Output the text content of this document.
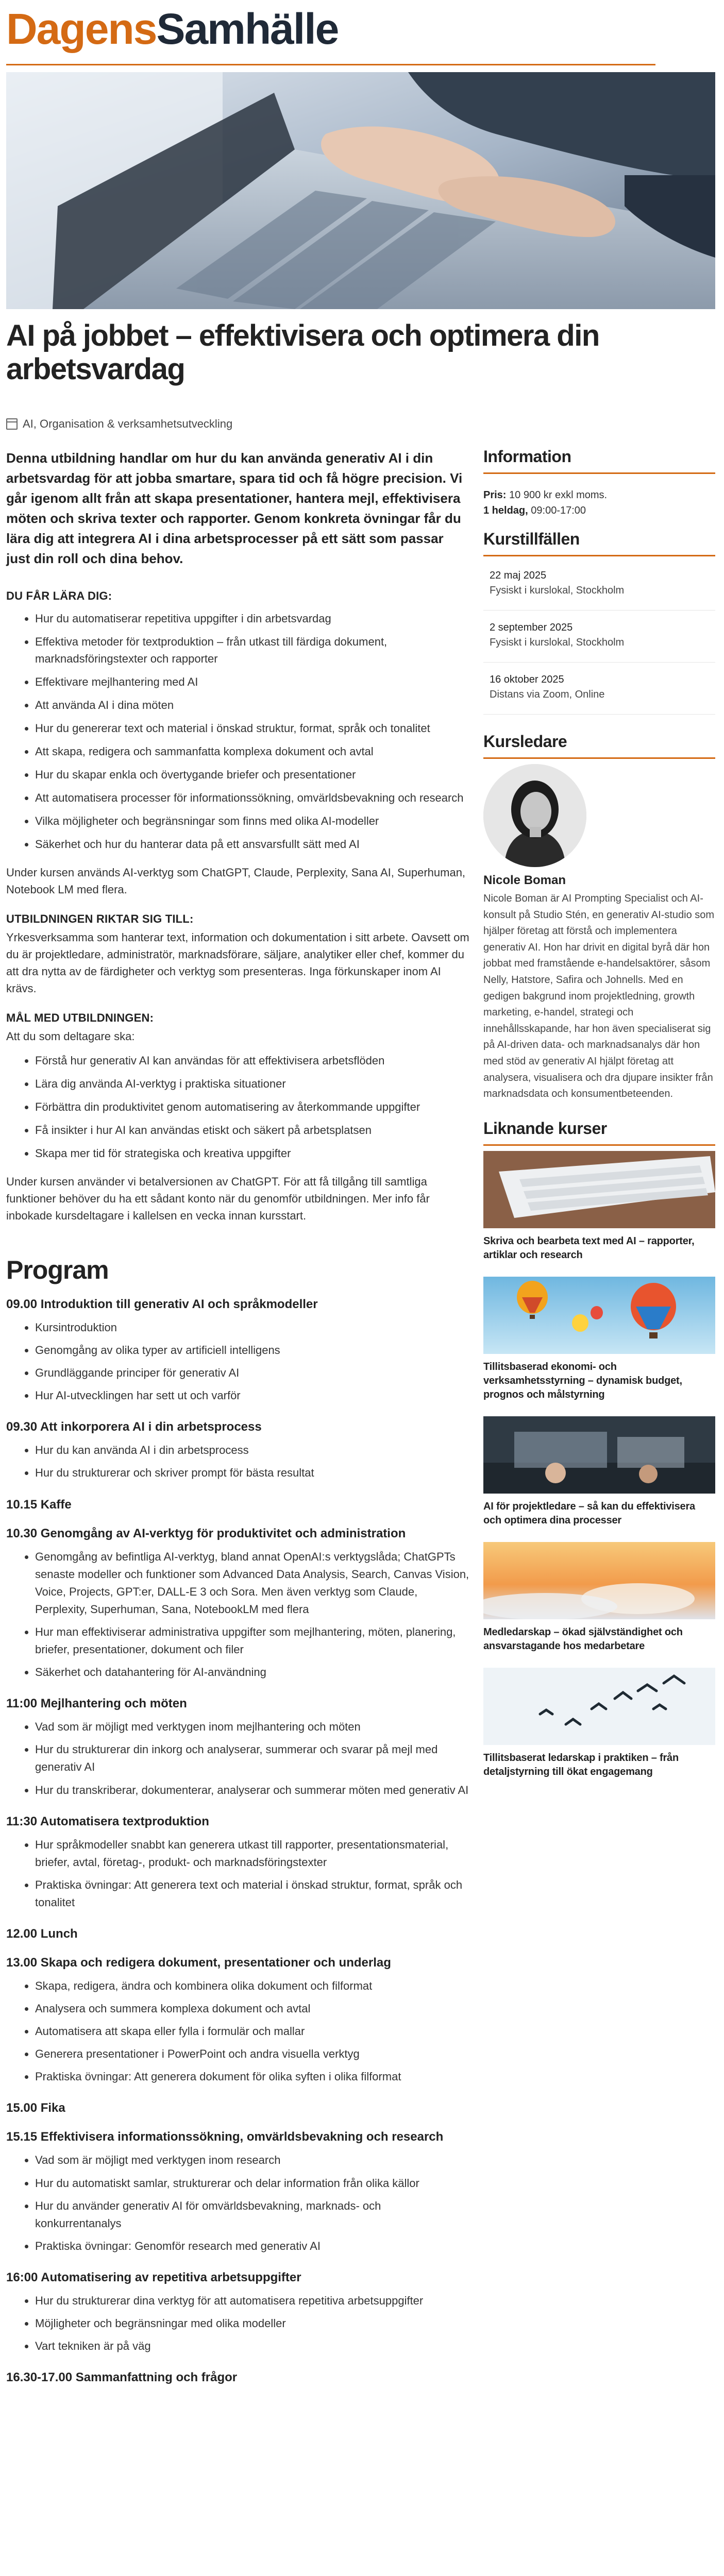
DagensSamhälle
AI på jobbet – effektivisera och optimera din arbetsvardag
AI, Organisation & verksamhetsutveckling

Denna utbildning handlar om hur du kan använda generativ AI i din arbetsvardag för att jobba smartare, spara tid och få högre precision. Vi går igenom allt från att skapa presentationer, hantera mejl, effektivisera möten och skriva texter och rapporter. Genom konkreta övningar får du lära dig att integrera AI i dina arbetsprocesser på ett sätt som passar just din roll och dina behov.

DU FÅR LÄRA DIG:
• Hur du automatiserar repetitiva uppgifter i din arbetsvardag
• Effektiva metoder för textproduktion – från utkast till färdiga dokument, marknadsföringstexter och rapporter
• Effektivare mejlhantering med AI
• Att använda AI i dina möten
• Hur du genererar text och material i önskad struktur, format, språk och tonalitet
• Att skapa, redigera och sammanfatta komplexa dokument och avtal
• Hur du skapar enkla och övertygande briefer och presentationer
• Att automatisera processer för informationssökning, omvärldsbevakning och research
• Vilka möjligheter och begränsningar som finns med olika AI-modeller
• Säkerhet och hur du hanterar data på ett ansvarsfullt sätt med AI

Under kursen används AI-verktyg som ChatGPT, Claude, Perplexity, Sana AI, Superhuman, Notebook LM med flera.

UTBILDNINGEN RIKTAR SIG TILL:

Yrkesverksamma som hanterar text, information och dokumentation i sitt arbete. Oavsett om du är projektledare, administratör, marknadsförare, säljare, analytiker eller chef, kommer du att dra nytta av de färdigheter och verktyg som presenteras. Inga förkunskaper inom AI krävs.

MÅL MED UTBILDNINGEN:

Att du som deltagare ska:

• Förstå hur generativ AI kan användas för att effektivisera arbetsflöden
• Lära dig använda AI-verktyg i praktiska situationer
• Förbättra din produktivitet genom automatisering av återkommande uppgifter
• Få insikter i hur AI kan användas etiskt och säkert på arbetsplatsen
• Skapa mer tid för strategiska och kreativa uppgifter

Under kursen använder vi betalversionen av ChatGPT. För att få tillgång till samtliga funktioner behöver du ha ett sådant konto när du genomför utbildningen. Mer info får inbokade kursdeltagare i kallelsen en vecka innan kursstart.

Program
09.00 Introduktion till generativ AI och språkmodeller
• Kursintroduktion
• Genomgång av olika typer av artificiell intelligens
• Grundläggande principer för generativ AI
• Hur AI-utvecklingen har sett ut och varför
09.30 Att inkorporera AI i din arbetsprocess
• Hur du kan använda AI i din arbetsprocess
• Hur du strukturerar och skriver prompt för bästa resultat
10.15 Kaffe
10.30 Genomgång av AI-verktyg för produktivitet och administration
• Genomgång av befintliga AI-verktyg, bland annat OpenAI:s verktygslåda; ChatGPTs senaste modeller och funktioner som Advanced Data Analysis, Search, Canvas Vision, Voice, Projects, GPT:er, DALL-E 3 och Sora. Men även verktyg som Claude, Perplexity, Superhuman, Sana, NotebookLM med flera
• Hur man effektiviserar administrativa uppgifter som mejlhantering, möten, planering, briefer, presentationer, dokument och filer
• Säkerhet och datahantering för AI-användning
11:00 Mejlhantering och möten
• Vad som är möjligt med verktygen inom mejlhantering och möten
• Hur du strukturerar din inkorg och analyserar, summerar och svarar på mejl med generativ AI
• Hur du transkriberar, dokumenterar, analyserar och summerar möten med generativ AI
11:30 Automatisera textproduktion
• Hur språkmodeller snabbt kan generera utkast till rapporter, presentationsmaterial, briefer, avtal, företag-, produkt- och marknadsföringstexter
• Praktiska övningar: Att generera text och material i önskad struktur, format, språk och tonalitet
12.00 Lunch
13.00 Skapa och redigera dokument, presentationer och underlag
• Skapa, redigera, ändra och kombinera olika dokument och filformat
• Analysera och summera komplexa dokument och avtal
• Automatisera att skapa eller fylla i formulär och mallar
• Generera presentationer i PowerPoint och andra visuella verktyg
• Praktiska övningar: Att generera dokument för olika syften i olika filformat
15.00 Fika
15.15 Effektivisera informationssökning, omvärldsbevakning och research
• Vad som är möjligt med verktygen inom research
• Hur du automatiskt samlar, strukturerar och delar information från olika källor
• Hur du använder generativ AI för omvärldsbevakning, marknads- och konkurrentanalys
• Praktiska övningar: Genomför research med generativ AI
16:00 Automatisering av repetitiva arbetsuppgifter
• Hur du strukturerar dina verktyg för att automatisera repetitiva arbetsuppgifter
• Möjligheter och begränsningar med olika modeller
• Vart tekniken är på väg
16.30-17.00 Sammanfattning och frågor
Information

Pris: 10 900 kr exkl moms.

1 heldag, 09:00-17:00

Kurstillfällen
22 maj 2025
Fysiskt i kurslokal, Stockholm
2 september 2025
Fysiskt i kurslokal, Stockholm
16 oktober 2025
Distans via Zoom, Online
Kursledare
Nicole Boman

Nicole Boman är AI Prompting Specialist och AI-konsult på Studio Stén, en generativ AI-studio som hjälper företag att förstå och implementera generativ AI. Hon har drivit en digital byrå där hon jobbat med framstående e-handelsaktörer, såsom Nelly, Hatstore, Safira och Johnells. Med en gedigen bakgrund inom projektledning, growth marketing, e-handel, strategi och innehållsskapande, har hon även specialiserat sig på AI-driven data- och marknadsanalys där hon med stöd av generativ AI hjälpt företag att analysera, visualisera och dra djupare insikter från marknadsdata och konsumentbeteenden.

Liknande kurser
Skriva och bearbeta text med AI – rapporter, artiklar och research
Tillitsbaserad ekonomi- och verksamhetsstyrning – dynamisk budget, prognos och målstyrning
AI för projektledare – så kan du effektivisera och optimera dina processer
Medledarskap – ökad självständighet och ansvarstagande hos medarbetare
Tillitsbaserat ledarskap i praktiken – från detaljstyrning till ökat engagemang
